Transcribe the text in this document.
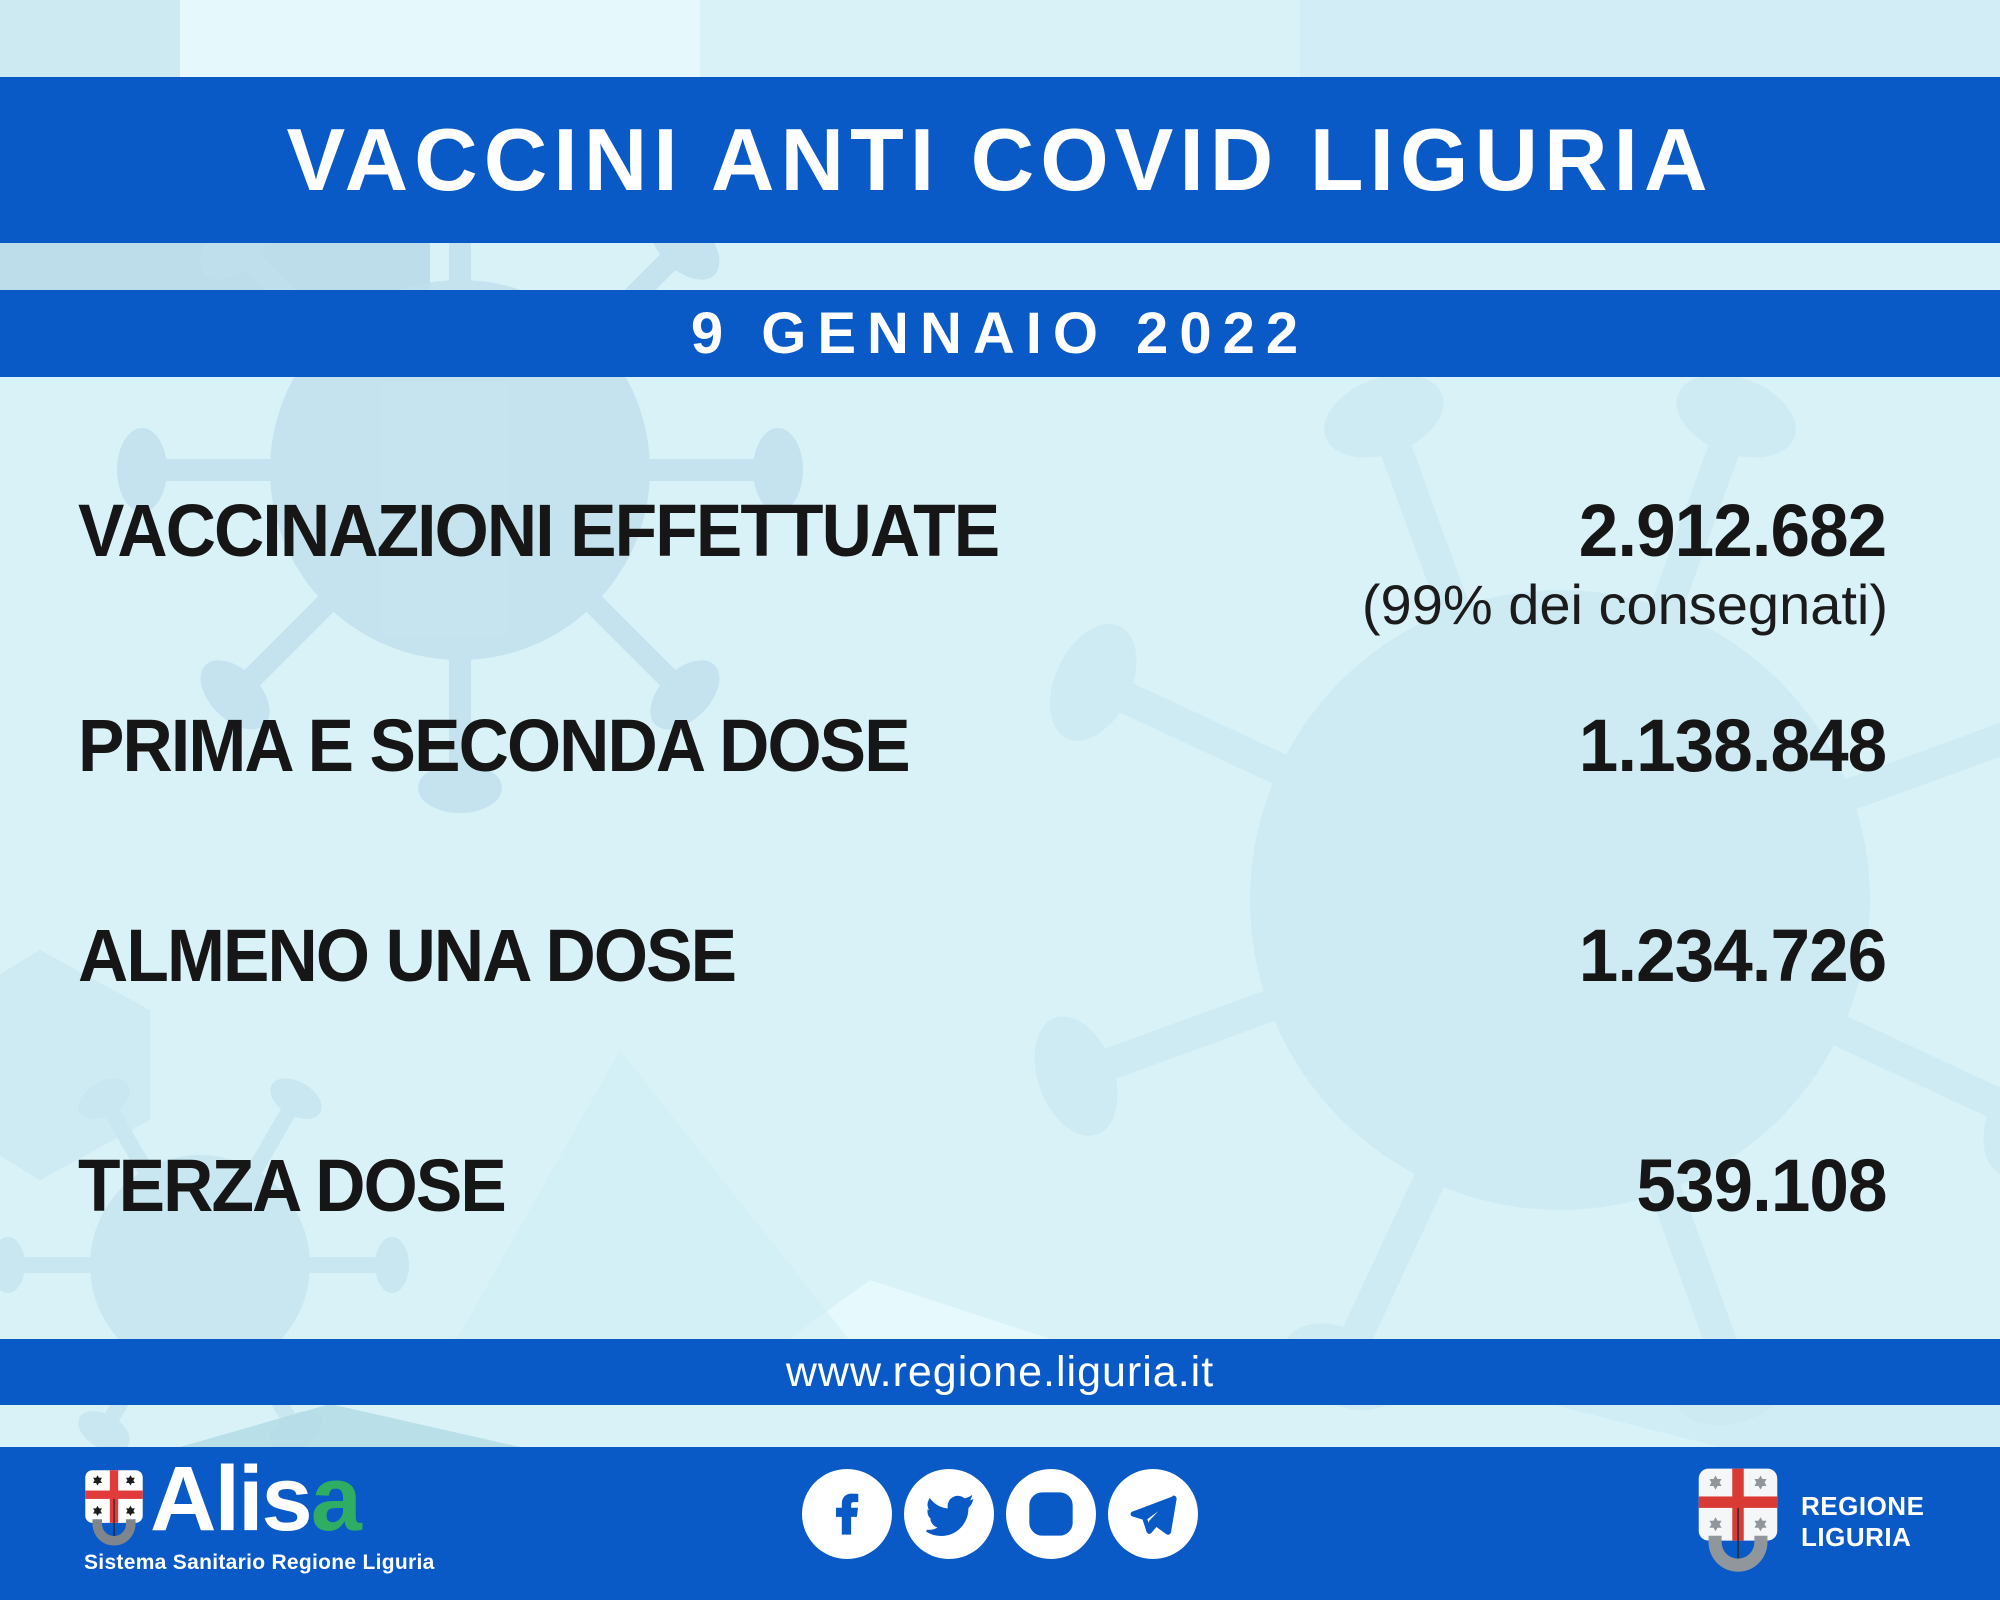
VACCINI ANTI COVID LIGURIA
9 GENNAIO 2022
VACCINAZIONI EFFETTUATE	2.912.682
(99% dei consegnati)
PRIMA E SECONDA DOSE	1.138.848
ALMENO UNA DOSE	1.234.726
TERZA DOSE	539.108
www.regione.liguria.it
Alisa
Sistema Sanitario Regione Liguria
REGIONE
LIGURIA
